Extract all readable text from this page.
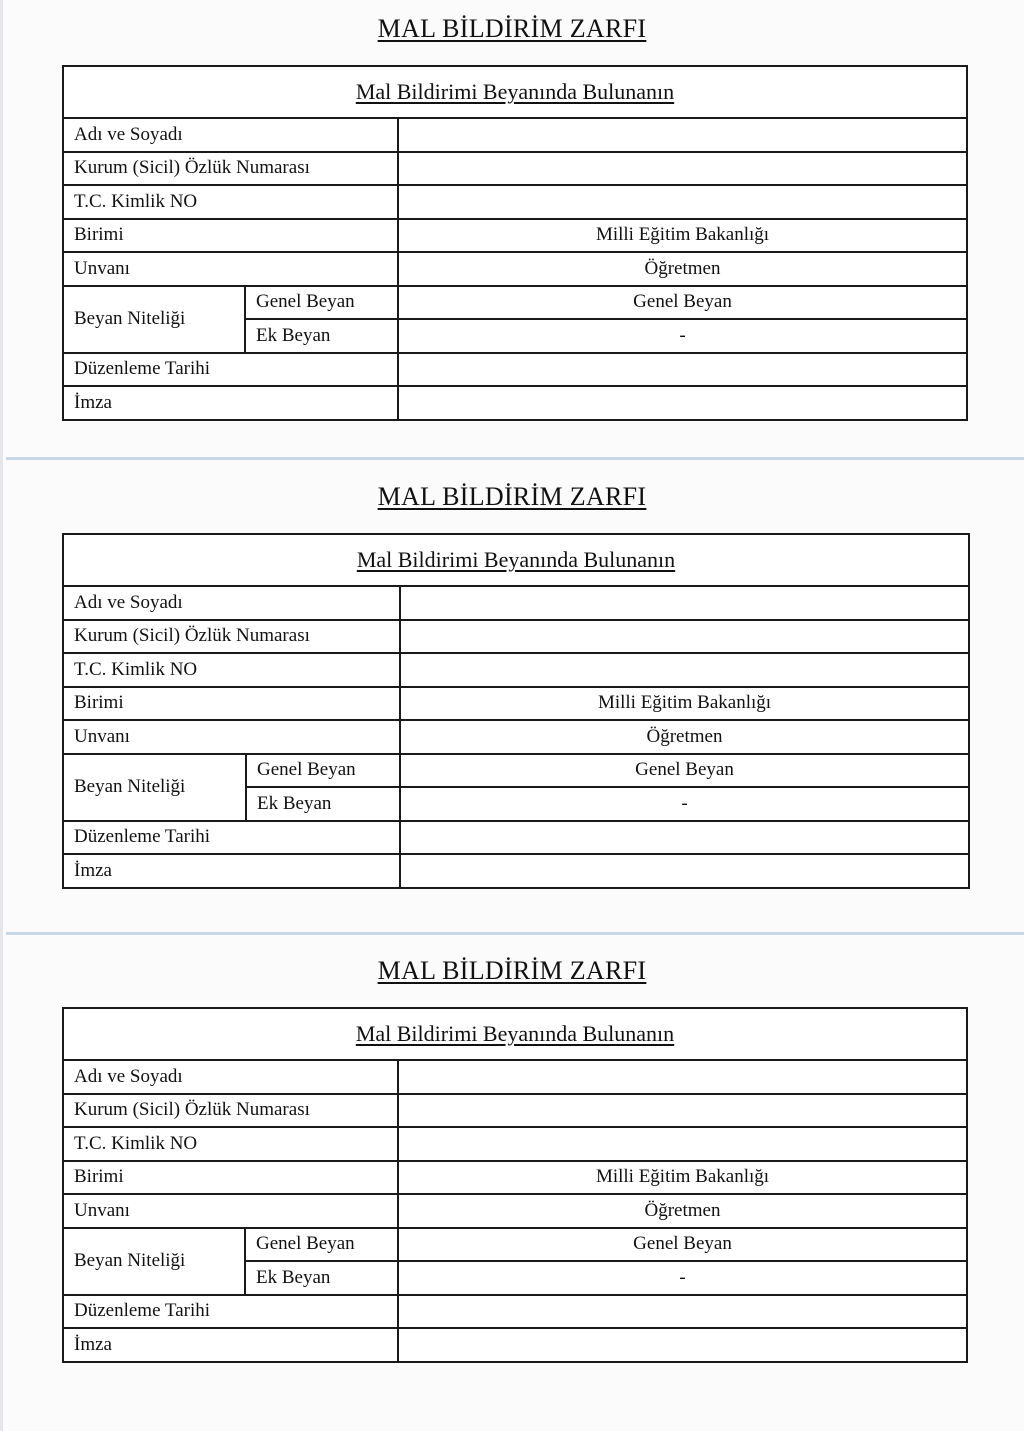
MAL BİLDİRİM ZARFI
Mal Bildirimi Beyanında Bulunanın		
Adı ve Soyadı		
Kurum (Sicil) Özlük Numarası		
T.C. Kimlik NO		
Birimi		Milli Eğitim Bakanlığı
Unvanı		Öğretmen
Beyan Niteliği	Genel Beyan	Genel Beyan
	Ek Beyan	-
Düzenleme Tarihi		
İmza		
MAL BİLDİRİM ZARFI
Mal Bildirimi Beyanında Bulunanın		
Adı ve Soyadı		
Kurum (Sicil) Özlük Numarası		
T.C. Kimlik NO		
Birimi		Milli Eğitim Bakanlığı
Unvanı		Öğretmen
Beyan Niteliği	Genel Beyan	Genel Beyan
	Ek Beyan	-
Düzenleme Tarihi		
İmza		
MAL BİLDİRİM ZARFI
Mal Bildirimi Beyanında Bulunanın		
Adı ve Soyadı		
Kurum (Sicil) Özlük Numarası		
T.C. Kimlik NO		
Birimi		Milli Eğitim Bakanlığı
Unvanı		Öğretmen
Beyan Niteliği	Genel Beyan	Genel Beyan
	Ek Beyan	-
Düzenleme Tarihi		
İmza		
